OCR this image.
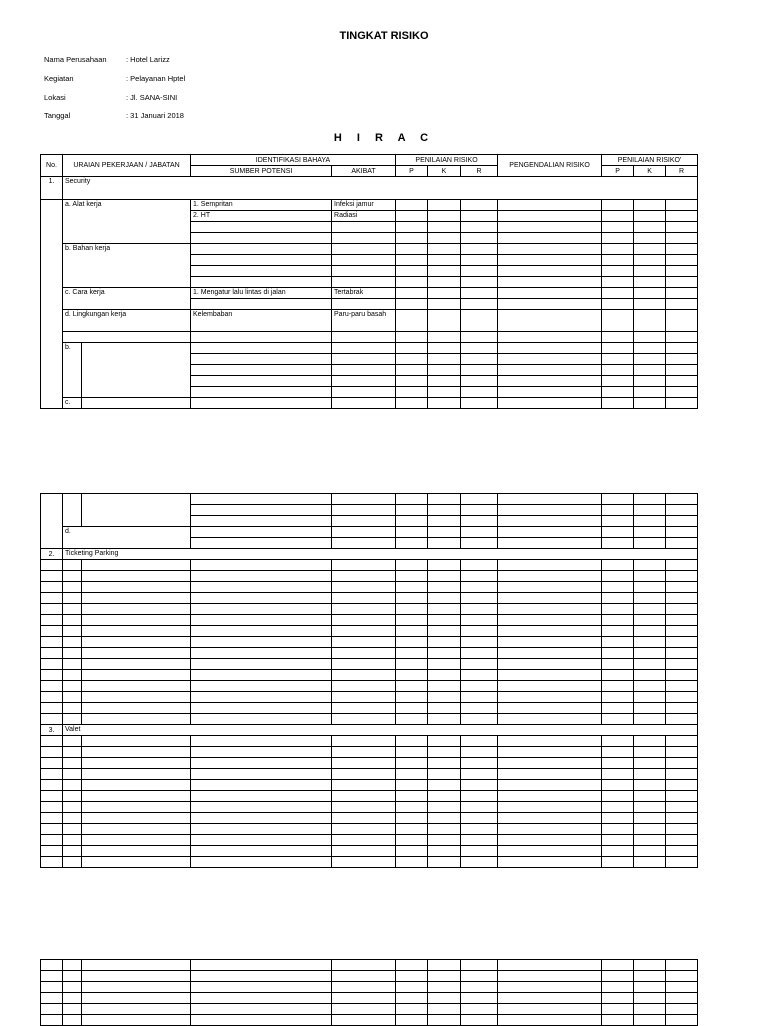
TINGKAT RISIKO
Nama Perusahaan	: Hotel Larizz
Kegiatan	: Pelayanan Hptel
Lokasi	: Jl. SANA-SINI
Tanggal	: 31 Januari 2018
H I R A C
No.	URAIAN PEKERJAAN / JABATAN		IDENTIFIKASI BAHAYA		PENILAIAN RISIKO			PENGENDALIAN RISIKO	PENILAIAN RISIKO'		
			SUMBER POTENSI	AKIBAT	P	K	R		P	K	R
1.	Security										
	a. Alat kerja		1. Sempritan	Infeksi jamur							
			2. HT	Radiasi							

	b. Bahan kerja										

	c. Cara kerja		1. Mengatur lalu lintas di jalan	Tertabrak							

	d. Lingkungan kerja		Kelembaban	Paru-paru basah							

	b.										

	c.										

	d.										

2.	Ticketing Parking										

3.	Valet										
